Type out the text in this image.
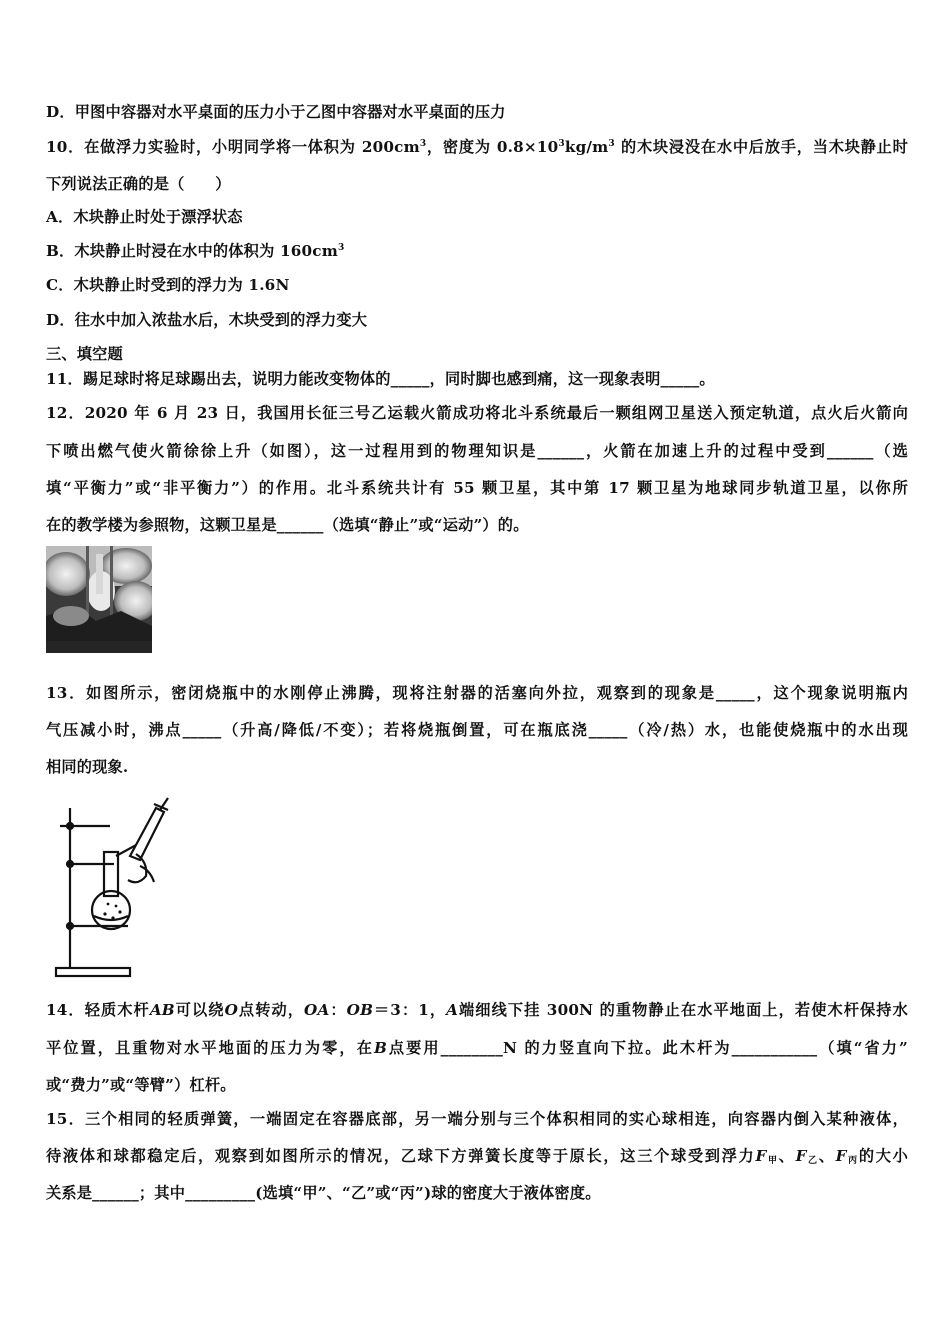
D．甲图中容器对水平桌面的压力小于乙图中容器对水平桌面的压力

10．在做浮力实验时，小明同学将一体积为 $200cm^3$，密度为 $0.8\times 10^3kg/m^3$ 的木块浸没在水中后放手，当木块静止时

下列说法正确的是（　　）

A．木块静止时处于漂浮状态

B．木块静止时浸在水中的体积为 $160cm^3$

C．木块静止时受到的浮力为 1.6N

D．往水中加入浓盐水后，木块受到的浮力变大

三、填空题

11．踢足球时将足球踢出去，说明力能改变物体的_____，同时脚也感到痛，这一现象表明_____。

12．2020 年 6 月 23 日，我国用长征三号乙运载火箭成功将北斗系统最后一颗组网卫星送入预定轨道，点火后火箭向

下喷出燃气使火箭徐徐上升（如图），这一过程用到的物理知识是______，火箭在加速上升的过程中受到______（选

填“平衡力”或“非平衡力”）的作用。北斗系统共计有 55 颗卫星，其中第 17 颗卫星为地球同步轨道卫星，以你所

在的教学楼为参照物，这颗卫星是______（选填“静止”或“运动”）的。

13．如图所示，密闭烧瓶中的水刚停止沸腾，现将注射器的活塞向外拉，观察到的现象是_____，这个现象说明瓶内

气压减小时，沸点_____（升高/降低/不变）；若将烧瓶倒置，可在瓶底浇_____（冷/热）水，也能使烧瓶中的水出现

相同的现象.

14．轻质木杆AB可以绕O点转动，OA：OB＝3：1，A端细线下挂 300N 的重物静止在水平地面上，若使木杆保持水

平位置，且重物对水平地面的压力为零，在B点要用________N 的力竖直向下拉。此木杆为___________（填“省力”

或“费力”或“等臂”）杠杆。

15．三个相同的轻质弹簧，一端固定在容器底部，另一端分别与三个体积相同的实心球相连，向容器内倒入某种液体，

待液体和球都稳定后，观察到如图所示的情况，乙球下方弹簧长度等于原长，这三个球受到浮力$F_甲$、$F_乙$、$F_丙$的大小

关系是______；其中_________(选填“甲”、“乙”或“丙”)球的密度大于液体密度。
